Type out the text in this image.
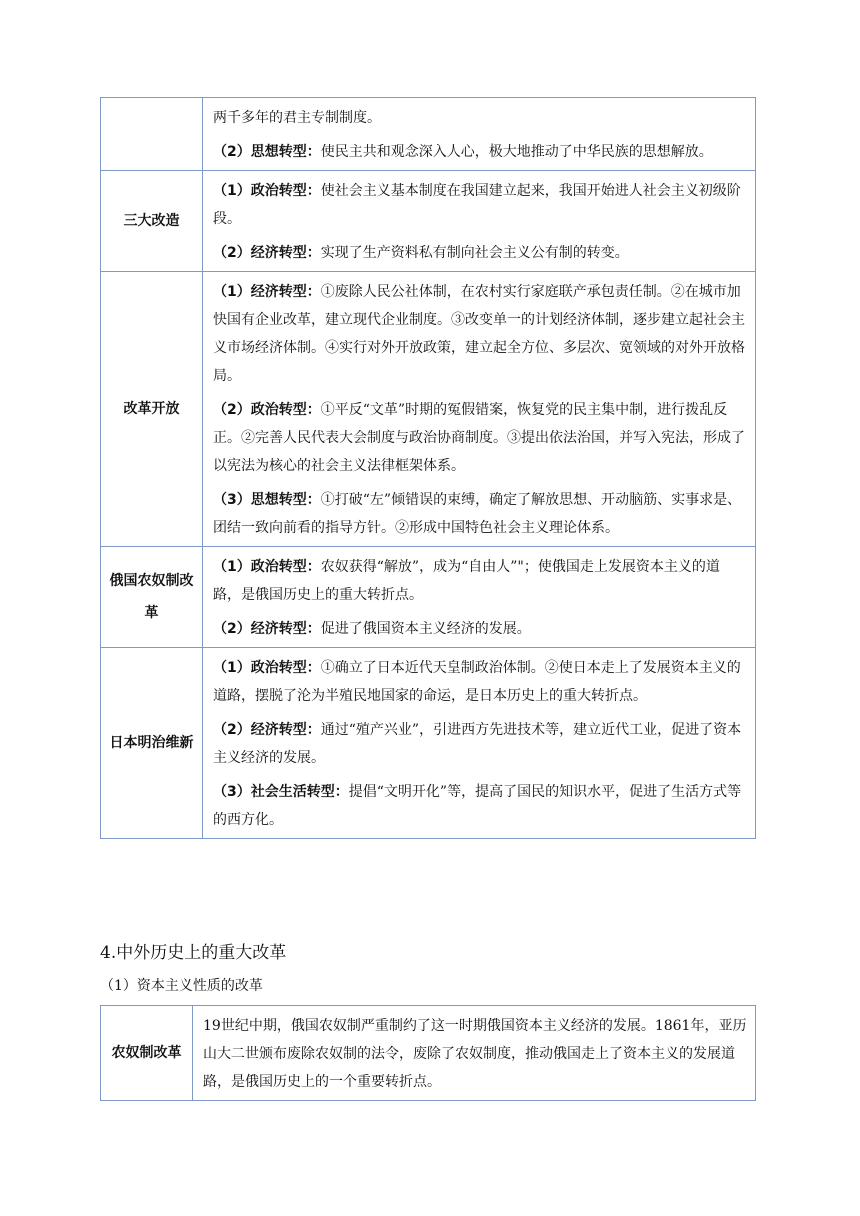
	两千多年的君主专制制度。
（2）思想转型：使民主共和观念深入人心，极大地推动了中华民族的思想解放。

三大改造	（1）政治转型：使社会主义基本制度在我国建立起来，我国开始进人社会主义初级阶段。
（2）经济转型：实现了生产资料私有制向社会主义公有制的转变。

改革开放	（1）经济转型：①废除人民公社体制，在农村实行家庭联产承包责任制。②在城市加快国有企业改革，建立现代企业制度。③改变单一的计划经济体制，逐步建立起社会主义市场经济体制。④实行对外开放政策，建立起全方位、多层次、宽领域的对外开放格局。
（2）政治转型：①平反“文革”时期的冤假错案，恢复党的民主集中制，进行拨乱反正。②完善人民代表大会制度与政治协商制度。③提出依法治国，并写入宪法，形成了以宪法为核心的社会主义法律框架体系。
（3）思想转型：①打破“左”倾错误的束缚，确定了解放思想、开动脑筋、实事求是、团结一致向前看的指导方针。②形成中国特色社会主义理论体系。

俄国农奴制改革	（1）政治转型：农奴获得“解放”，成为“自由人”"；使俄国走上发展资本主义的道路，是俄国历史上的重大转折点。
（2）经济转型：促进了俄国资本主义经济的发展。

日本明治维新	（1）政治转型：①确立了日本近代天皇制政治体制。②使日本走上了发展资本主义的道路，摆脱了沦为半殖民地国家的命运，是日本历史上的重大转折点。
（2）经济转型：通过“殖产兴业”，引进西方先进技术等，建立近代工业，促进了资本主义经济的发展。
（3）社会生活转型：提倡“文明开化”等，提高了国民的知识水平，促进了生活方式等的西方化。
4.中外历史上的重大改革
（1）资本主义性质的改革
农奴制改革	19世纪中期，俄国农奴制严重制约了这一时期俄国资本主义经济的发展。1861年，亚历山大二世颁布废除农奴制的法令，废除了农奴制度，推动俄国走上了资本主义的发展道路，是俄国历史上的一个重要转折点。
